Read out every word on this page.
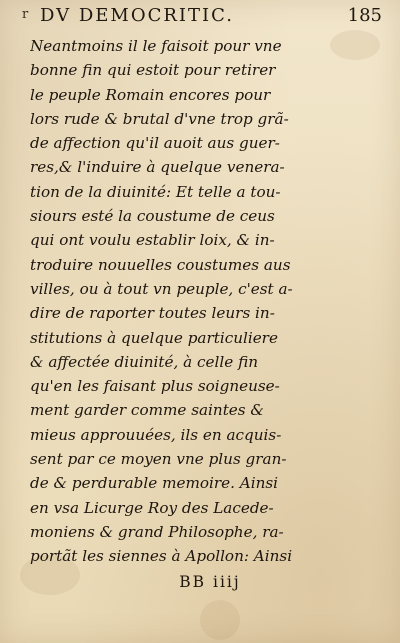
r DV DEMOCRITIC.	185
Neantmoins il le faisoit pour vne
bonne fin qui estoit pour retirer
le peuple Romain encores pour
lors rude & brutal d'vne trop grã-
de affection qu'il auoit aus guer-
res,& l'induire à quelque venera-
tion de la diuinité: Et telle a tou-
siours esté la coustume de ceus
qui ont voulu establir loix, & in-
troduire nouuelles coustumes aus
villes, ou à tout vn peuple, c'est a-
dire de raporter toutes leurs in-
stitutions à quelque particuliere
& affectée diuinité, à celle fin
qu'en les faisant plus soigneuse-
ment garder comme saintes &
mieus approuuées, ils en acquis-
sent par ce moyen vne plus gran-
de & perdurable memoire. Ainsi
en vsa Licurge Roy des Lacede-
moniens & grand Philosophe, ra-
portãt les siennes à Apollon: Ainsi
BB iiij
